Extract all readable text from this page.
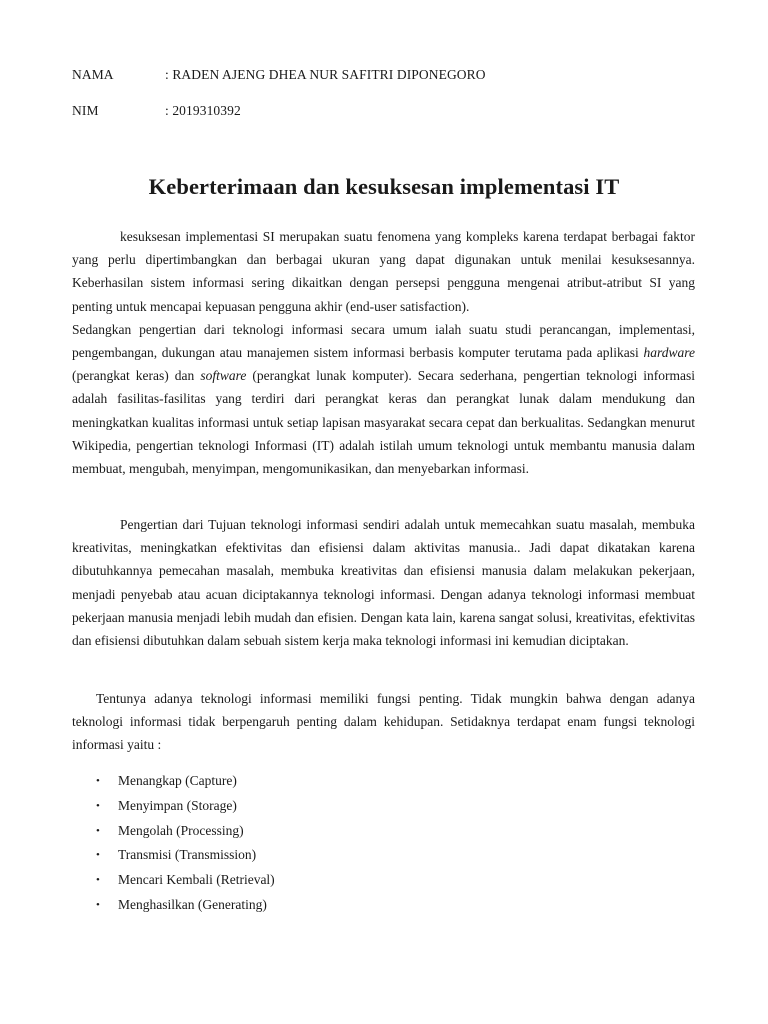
NAMA	: RADEN AJENG DHEA NUR SAFITRI DIPONEGORO
NIM	: 2019310392
Keberterimaan dan kesuksesan implementasi IT

kesuksesan implementasi SI merupakan suatu fenomena yang kompleks karena terdapat berbagai faktor yang perlu dipertimbangkan dan berbagai ukuran yang dapat digunakan untuk menilai kesuksesannya. Keberhasilan sistem informasi sering dikaitkan dengan persepsi pengguna mengenai atribut-atribut SI yang penting untuk mencapai kepuasan pengguna akhir (end-user satisfaction).

Sedangkan pengertian dari teknologi informasi secara umum ialah suatu studi perancangan, implementasi, pengembangan, dukungan atau manajemen sistem informasi berbasis komputer terutama pada aplikasi hardware (perangkat keras) dan software (perangkat lunak komputer). Secara sederhana, pengertian teknologi informasi adalah fasilitas-fasilitas yang terdiri dari perangkat keras dan perangkat lunak dalam mendukung dan meningkatkan kualitas informasi untuk setiap lapisan masyarakat secara cepat dan berkualitas. Sedangkan menurut Wikipedia, pengertian teknologi Informasi (IT) adalah istilah umum teknologi untuk membantu manusia dalam membuat, mengubah, menyimpan, mengomunikasikan, dan menyebarkan informasi.

Pengertian dari Tujuan teknologi informasi sendiri adalah untuk memecahkan suatu masalah, membuka kreativitas, meningkatkan efektivitas dan efisiensi dalam aktivitas manusia.. Jadi dapat dikatakan karena dibutuhkannya pemecahan masalah, membuka kreativitas dan efisiensi manusia dalam melakukan pekerjaan, menjadi penyebab atau acuan diciptakannya teknologi informasi. Dengan adanya teknologi informasi membuat pekerjaan manusia menjadi lebih mudah dan efisien. Dengan kata lain, karena sangat solusi, kreativitas, efektivitas dan efisiensi dibutuhkan dalam sebuah sistem kerja maka teknologi informasi ini kemudian diciptakan.

Tentunya adanya teknologi informasi memiliki fungsi penting. Tidak mungkin bahwa dengan adanya teknologi informasi tidak berpengaruh penting dalam kehidupan. Setidaknya terdapat enam fungsi teknologi informasi yaitu :

• Menangkap (Capture)
• Menyimpan (Storage)
• Mengolah (Processing)
• Transmisi (Transmission)
• Mencari Kembali (Retrieval)
• Menghasilkan (Generating)
